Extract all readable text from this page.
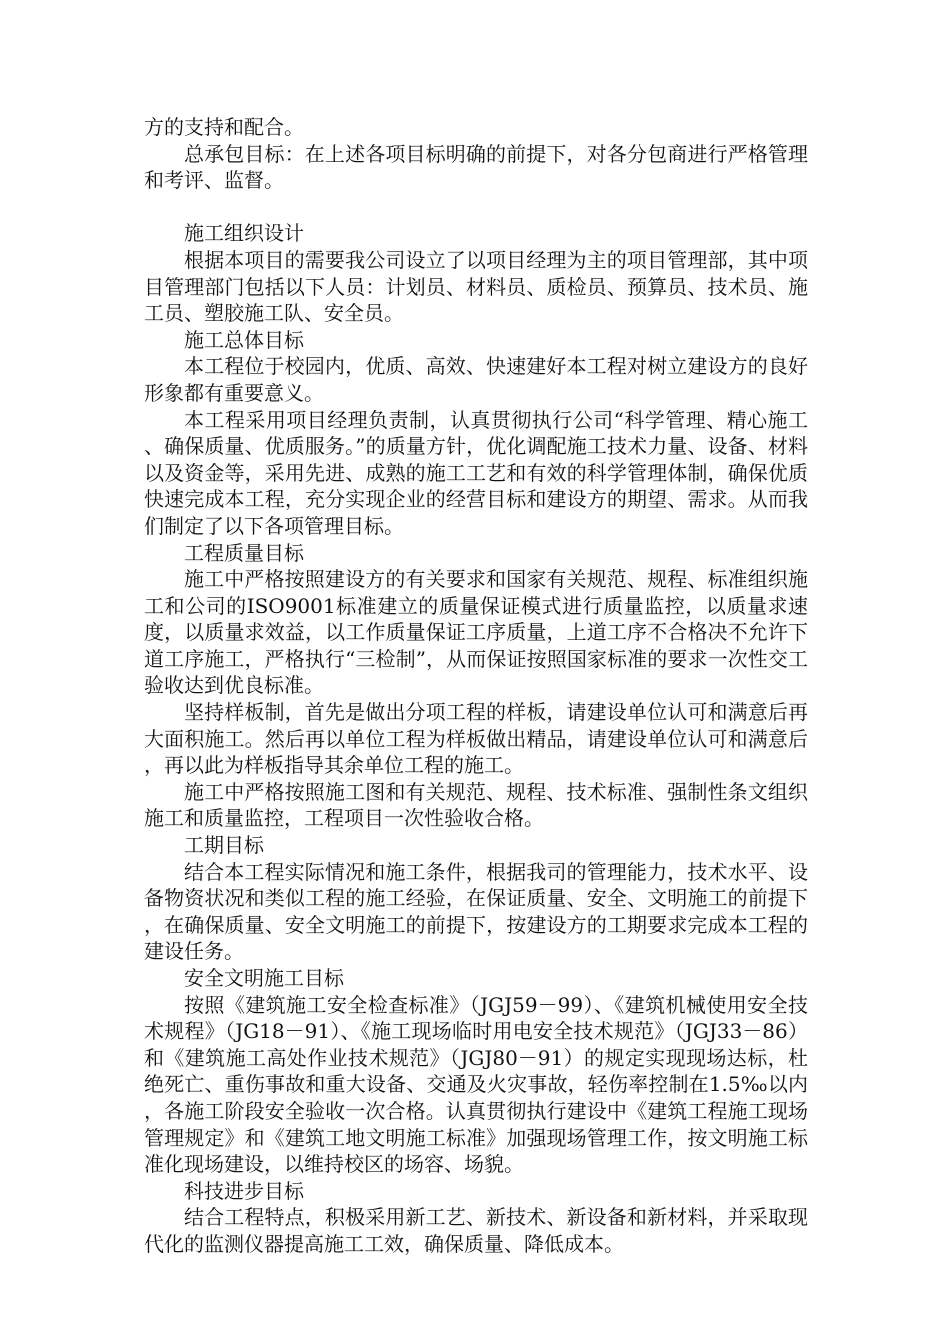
方的支持和配合。

总承包目标：在上述各项目标明确的前提下，对各分包商进行严格管理和考评、监督。

施工组织设计

根据本项目的需要我公司设立了以项目经理为主的项目管理部，其中项目管理部门包括以下人员：计划员、材料员、质检员、预算员、技术员、施工员、塑胶施工队、安全员。

施工总体目标

本工程位于校园内，优质、高效、快速建好本工程对树立建设方的良好形象都有重要意义。

本工程采用项目经理负责制，认真贯彻执行公司“科学管理、精心施工、确保质量、优质服务。”的质量方针，优化调配施工技术力量、设备、材料以及资金等，采用先进、成熟的施工工艺和有效的科学管理体制，确保优质快速完成本工程，充分实现企业的经营目标和建设方的期望、需求。从而我们制定了以下各项管理目标。

工程质量目标

施工中严格按照建设方的有关要求和国家有关规范、规程、标准组织施工和公司的ISO9001标准建立的质量保证模式进行质量监控，以质量求速度，以质量求效益，以工作质量保证工序质量，上道工序不合格决不允许下道工序施工，严格执行“三检制”，从而保证按照国家标准的要求一次性交工验收达到优良标准。

坚持样板制，首先是做出分项工程的样板，请建设单位认可和满意后再大面积施工。然后再以单位工程为样板做出精品，请建设单位认可和满意后，再以此为样板指导其余单位工程的施工。

施工中严格按照施工图和有关规范、规程、技术标准、强制性条文组织施工和质量监控，工程项目一次性验收合格。

工期目标

结合本工程实际情况和施工条件，根据我司的管理能力，技术水平、设备物资状况和类似工程的施工经验，在保证质量、安全、文明施工的前提下，在确保质量、安全文明施工的前提下，按建设方的工期要求完成本工程的建设任务。

安全文明施工目标

按照《建筑施工安全检查标准》（JGJ59－99）、《建筑机械使用安全技术规程》（JG18－91）、《施工现场临时用电安全技术规范》（JGJ33－86）和《建筑施工高处作业技术规范》（JGJ80－91）的规定实现现场达标，杜绝死亡、重伤事故和重大设备、交通及火灾事故，轻伤率控制在1.5‰以内，各施工阶段安全验收一次合格。认真贯彻执行建设中《建筑工程施工现场管理规定》和《建筑工地文明施工标准》加强现场管理工作，按文明施工标准化现场建设，以维持校区的场容、场貌。

科技进步目标

结合工程特点，积极采用新工艺、新技术、新设备和新材料，并采取现代化的监测仪器提高施工工效，确保质量、降低成本。
